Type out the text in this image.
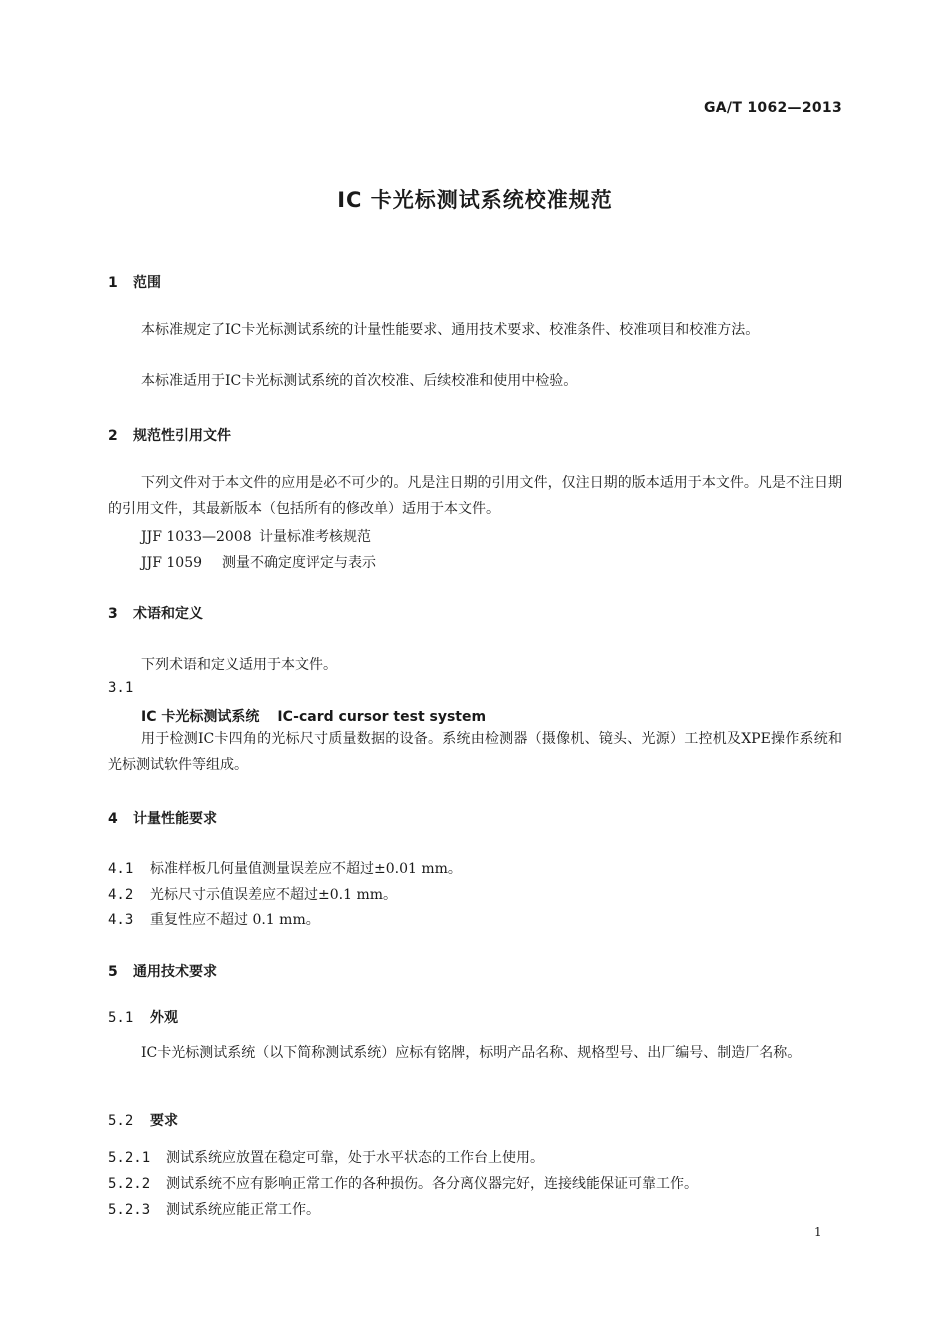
GA/T 1062—2013
IC 卡光标测试系统校准规范
1 范围
本标准规定了IC卡光标测试系统的计量性能要求、通用技术要求、校准条件、校准项目和校准方法。
本标准适用于IC卡光标测试系统的首次校准、后续校准和使用中检验。
2 规范性引用文件
下列文件对于本文件的应用是必不可少的。凡是注日期的引用文件，仅注日期的版本适用于本文件。凡是不注日期的引用文件，其最新版本（包括所有的修改单）适用于本文件。
JJF 1033—2008 计量标准考核规范
JJF 1059 测量不确定度评定与表示
3 术语和定义
下列术语和定义适用于本文件。
3.1
IC 卡光标测试系统 IC-card cursor test system
用于检测IC卡四角的光标尺寸质量数据的设备。系统由检测器（摄像机、镜头、光源）工控机及XPE操作系统和光标测试软件等组成。
4 计量性能要求
4.1 标准样板几何量值测量误差应不超过±0.01 mm。
4.2 光标尺寸示值误差应不超过±0.1 mm。
4.3 重复性应不超过 0.1 mm。
5 通用技术要求
5.1 外观
IC卡光标测试系统（以下简称测试系统）应标有铭牌，标明产品名称、规格型号、出厂编号、制造厂名称。
5.2 要求
5.2.1 测试系统应放置在稳定可靠，处于水平状态的工作台上使用。
5.2.2 测试系统不应有影响正常工作的各种损伤。各分离仪器完好，连接线能保证可靠工作。
5.2.3 测试系统应能正常工作。
1
